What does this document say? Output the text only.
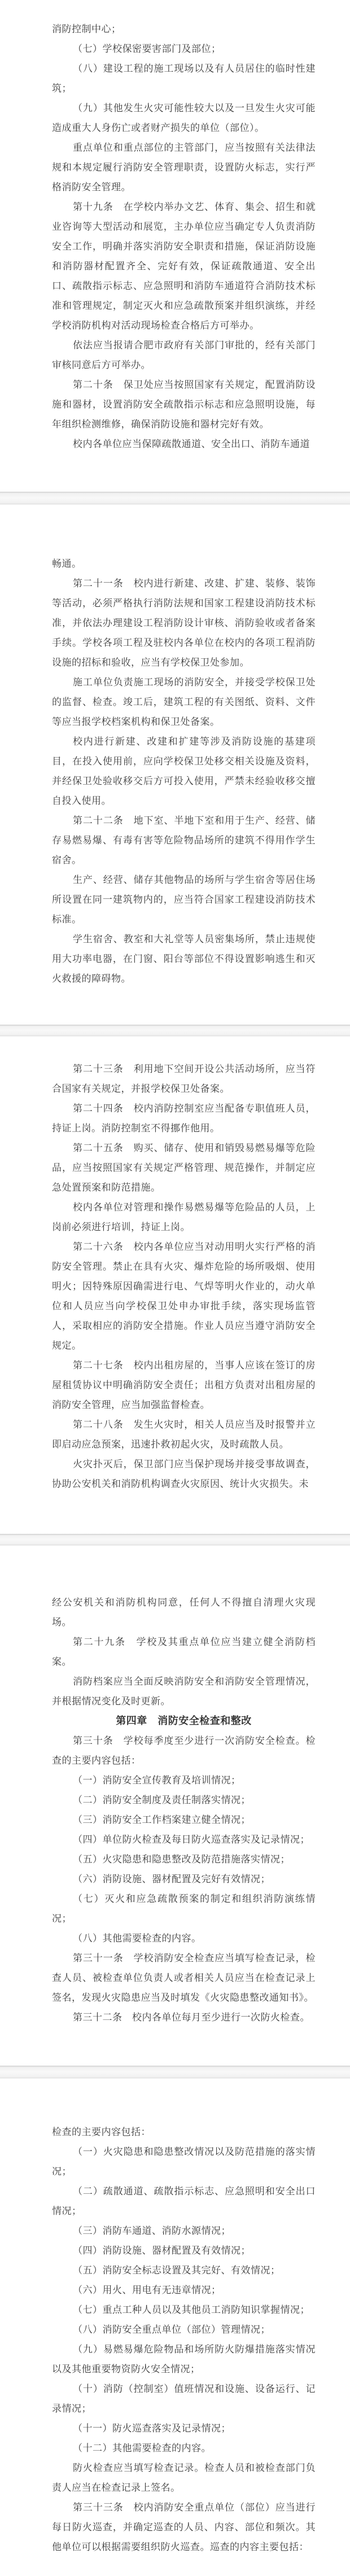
消防控制中心；

（七）学校保密要害部门及部位；

（八）建设工程的施工现场以及有人员居住的临时性建筑；

（九）其他发生火灾可能性较大以及一旦发生火灾可能造成重大人身伤亡或者财产损失的单位（部位）。

重点单位和重点部位的主管部门，应当按照有关法律法规和本规定履行消防安全管理职责，设置防火标志，实行严格消防安全管理。

第十九条　在学校内举办文艺、体育、集会、招生和就业咨询等大型活动和展览，主办单位应当确定专人负责消防安全工作，明确并落实消防安全职责和措施，保证消防设施和消防器材配置齐全、完好有效，保证疏散通道、安全出口、疏散指示标志、应急照明和消防车通道符合消防技术标准和管理规定，制定灭火和应急疏散预案并组织演练，并经学校消防机构对活动现场检查合格后方可举办。

依法应当报请合肥市政府有关部门审批的，经有关部门审核同意后方可举办。

第二十条　保卫处应当按照国家有关规定，配置消防设施和器材，设置消防安全疏散指示标志和应急照明设施，每年组织检测维修，确保消防设施和器材完好有效。

校内各单位应当保障疏散通道、安全出口、消防车通道

畅通。

第二十一条　校内进行新建、改建、扩建、装修、装饰等活动，必须严格执行消防法规和国家工程建设消防技术标准，并依法办理建设工程消防设计审核、消防验收或者备案手续。学校各项工程及驻校内各单位在校内的各项工程消防设施的招标和验收，应当有学校保卫处参加。

施工单位负责施工现场的消防安全，并接受学校保卫处的监督、检查。竣工后，建筑工程的有关图纸、资料、文件等应当报学校档案机构和保卫处备案。

校内进行新建、改建和扩建等涉及消防设施的基建项目，在投入使用前，应向学校保卫处移交相关设施及资料，并经保卫处验收移交后方可投入使用，严禁未经验收移交擅自投入使用。

第二十二条　地下室、半地下室和用于生产、经营、储存易燃易爆、有毒有害等危险物品场所的建筑不得用作学生宿舍。

生产、经营、储存其他物品的场所与学生宿舍等居住场所设置在同一建筑物内的，应当符合国家工程建设消防技术标准。

学生宿舍、教室和大礼堂等人员密集场所，禁止违规使用大功率电器，在门窗、阳台等部位不得设置影响逃生和灭火救援的障碍物。

第二十三条　利用地下空间开设公共活动场所，应当符合国家有关规定，并报学校保卫处备案。

第二十四条　校内消防控制室应当配备专职值班人员，持证上岗。消防控制室不得挪作他用。

第二十五条　购买、储存、使用和销毁易燃易爆等危险品，应当按照国家有关规定严格管理、规范操作，并制定应急处置预案和防范措施。

校内各单位对管理和操作易燃易爆等危险品的人员，上岗前必须进行培训，持证上岗。

第二十六条　校内各单位应当对动用明火实行严格的消防安全管理。禁止在具有火灾、爆炸危险的场所吸烟、使用明火；因特殊原因确需进行电、气焊等明火作业的，动火单位和人员应当向学校保卫处申办审批手续，落实现场监管人，采取相应的消防安全措施。作业人员应当遵守消防安全规定。

第二十七条　校内出租房屋的，当事人应该在签订的房屋租赁协议中明确消防安全责任；出租方负责对出租房屋的消防安全管理，应当加强监督检查。

第二十八条　发生火灾时，相关人员应当及时报警并立即启动应急预案，迅速扑救初起火灾，及时疏散人员。

火灾扑灭后，保卫部门应当保护现场并接受事故调查，协助公安机关和消防机构调查火灾原因、统计火灾损失。未

经公安机关和消防机构同意，任何人不得擅自清理火灾现场。

第二十九条　学校及其重点单位应当建立健全消防档案。

消防档案应当全面反映消防安全和消防安全管理情况，并根据情况变化及时更新。

第四章　消防安全检查和整改

第三十条　学校每季度至少进行一次消防安全检查。检查的主要内容包括：

（一）消防安全宣传教育及培训情况；

（二）消防安全制度及责任制落实情况；

（三）消防安全工作档案建立健全情况；

（四）单位防火检查及每日防火巡查落实及记录情况；

（五）火灾隐患和隐患整改及防范措施落实情况；

（六）消防设施、器材配置及完好有效情况；

（七）灭火和应急疏散预案的制定和组织消防演练情况；

（八）其他需要检查的内容。

第三十一条　学校消防安全检查应当填写检查记录，检查人员、被检查单位负责人或者相关人员应当在检查记录上签名，发现火灾隐患应当及时填发《火灾隐患整改通知书》。

第三十二条　校内各单位每月至少进行一次防火检查。

检查的主要内容包括：

（一）火灾隐患和隐患整改情况以及防范措施的落实情况；

（二）疏散通道、疏散指示标志、应急照明和安全出口情况；

（三）消防车通道、消防水源情况；

（四）消防设施、器材配置及有效情况；

（五）消防安全标志设置及其完好、有效情况；

（六）用火、用电有无违章情况；

（七）重点工种人员以及其他员工消防知识掌握情况；

（八）消防安全重点单位（部位）管理情况；

（九）易燃易爆危险物品和场所防火防爆措施落实情况以及其他重要物资防火安全情况；

（十）消防（控制室）值班情况和设施、设备运行、记录情况；

（十一）防火巡查落实及记录情况；

（十二）其他需要检查的内容。

防火检查应当填写检查记录。检查人员和被检查部门负责人应当在检查记录上签名。

第三十三条　校内消防安全重点单位（部位）应当进行每日防火巡查，并确定巡查的人员、内容、部位和频次。其他单位可以根据需要组织防火巡查。巡查的内容主要包括：
